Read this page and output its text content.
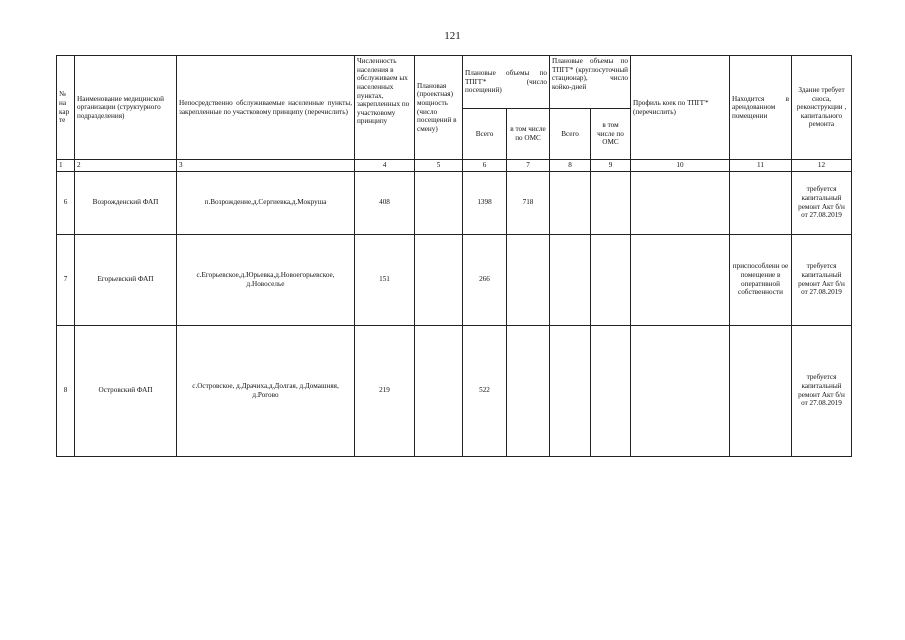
121
№ на кар те	Наименование медицинской организации (структурного подразделения)	Непосредственно обслуживаемые населенные пункты, закрепленные по участковому принципу (перечислить)	Численность населения в обслуживаем ых населенных пунктах, закрепленных по участковому принципу	Плановая (проектная) мощность (число посещений в смену)	Плановые объемы по ТПГГ* (число посещений)		Плановые объемы по ТПГГ* (круглосуточный стационар), число койко-дней		Профиль коек по ТПГГ* (перечислить)	Находится в арендованном помещении	Здание требует сноса, реконструкции , капитального ремонта
					Всего	в том числе по ОМС	Всего	в том числе по ОМС			
1	2	3	4	5	6	7	8	9	10	11	12
6	Возрожденский ФАП	п.Возрождение,д.Сергиевка,д.Мокруша	408		1398	718					требуется капитальный ремонт Акт б/н от 27.08.2019
7	Егорьевский ФАП	с.Егорьевское,д.Юрьевка,д.Новоегорьевское, д.Новоселье	151		266					приспособленн ое помещение в оперативной собственности	требуется капитальный ремонт Акт б/н от 27.08.2019
8	Островский ФАП	с.Островское, д.Драчиха,д.Долгая, д.Домашняя, д.Рогово	219		522						требуется капитальный ремонт Акт б/н от 27.08.2019
